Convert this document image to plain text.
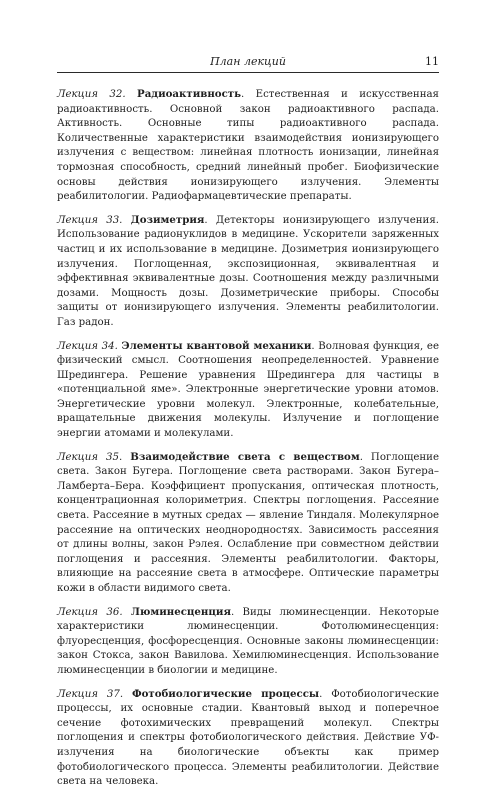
План лекций	11

Лекция 32. Радиоактивность. Естественная и искусственная радиоактивность. Основной закон радиоактивного распада. Активность. Основные типы радиоактивного распада. Количественные характеристики взаимодействия ионизирующего излучения с веществом: линейная плотность ионизации, линейная тормозная способность, средний линейный пробег. Биофизические основы действия ионизирующего излучения. Элементы реабилитологии. Радиофармацевтические препараты.

Лекция 33. Дозиметрия. Детекторы ионизирующего излучения. Использование радионуклидов в медицине. Ускорители заряженных частиц и их использование в медицине. Дозиметрия ионизирующего излучения. Поглощенная, экспозиционная, эквивалентная и эффективная эквивалентные дозы. Соотношения между различными дозами. Мощность дозы. Дозиметрические приборы. Способы защиты от ионизирующего излучения. Элементы реабилитологии. Газ радон.

Лекция 34. Элементы квантовой механики. Волновая функция, ее физический смысл. Соотношения неопределенностей. Уравнение Шредингера. Решение уравнения Шредингера для частицы в «потенциальной яме». Электронные энергетические уровни атомов. Энергетические уровни молекул. Электронные, колебательные, вращательные движения молекулы. Излучение и поглощение энергии атомами и молекулами.

Лекция 35. Взаимодействие света с веществом. Поглощение света. Закон Бугера. Поглощение света растворами. Закон Бугера–Ламберта–Бера. Коэффициент пропускания, оптическая плотность, концентрационная колориметрия. Спектры поглощения. Рассеяние света. Рассеяние в мутных средах — явление Тиндаля. Молекулярное рассеяние на оптических неоднородностях. Зависимость рассеяния от длины волны, закон Рэлея. Ослабление при совместном действии поглощения и рассеяния. Элементы реабилитологии. Факторы, влияющие на рассеяние света в атмосфере. Оптические параметры кожи в области видимого света.

Лекция 36. Люминесценция. Виды люминесценции. Некоторые характеристики люминесценции. Фотолюминесценция: флуоресценция, фосфоресценция. Основные законы люминесценции: закон Стокса, закон Вавилова. Хемилюминесценция. Использование люминесценции в биологии и медицине.

Лекция 37. Фотобиологические процессы. Фотобиологические процессы, их основные стадии. Квантовый выход и поперечное сечение фотохимических превращений молекул. Спектры поглощения и спектры фотобиологического действия. Действие УФ-излучения на биологические объекты как пример фотобиологического процесса. Элементы реабилитологии. Действие света на человека.
